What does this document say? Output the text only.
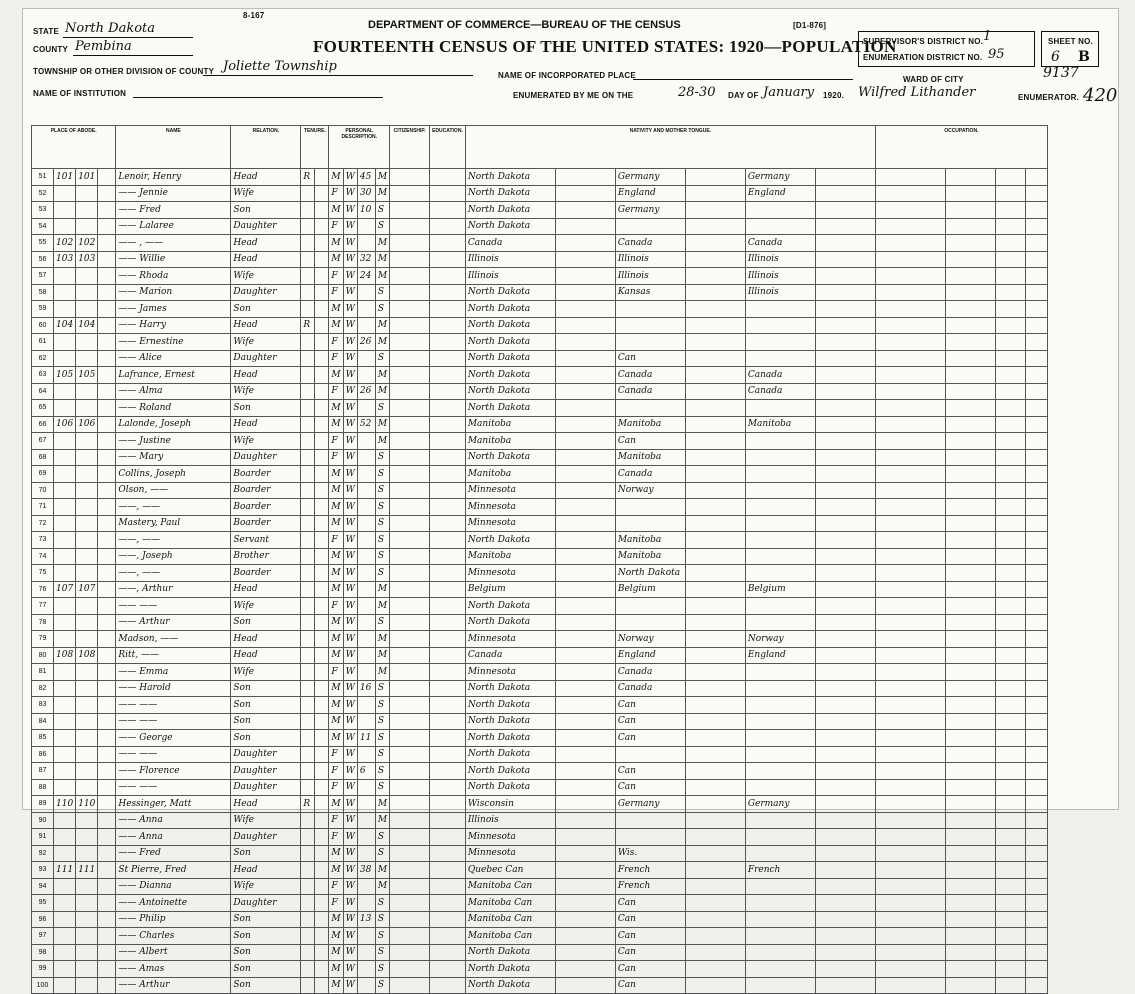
STATE North Dakota
COUNTY Pembina
TOWNSHIP OR OTHER DIVISION OF COUNTY Joliette Township
NAME OF INSTITUTION
8-167
DEPARTMENT OF COMMERCE—BUREAU OF THE CENSUS	[D1-876]
FOURTEENTH CENSUS OF THE UNITED STATES: 1920—POPULATION
NAME OF INCORPORATED PLACE
ENUMERATED BY ME ON THE	28-30 DAY OF January 1920. Wilfred Lithander	ENUMERATOR.
SUPERVISOR'S DISTRICT NO. 1
ENUMERATION DISTRICT NO. 95
SHEET NO.
6 B
WARD OF CITY	9137
420
PLACE OF ABODE.				NAME	RELATION.	TENURE.		PERSONAL DESCRIPTION.				CITIZENSHIP.	EDUCATION.	NATIVITY AND MOTHER TONGUE.						OCCUPATION.			
51	101	101		Lenoir, Henry	Head	R		M	W	45	M			North Dakota		Germany		Germany					
52				—— Jennie	Wife			F	W	30	M			North Dakota		England		England					
53				—— Fred	Son			M	W	10	S			North Dakota		Germany							
54				—— Lalaree	Daughter			F	W		S			North Dakota									
55	102	102		—— , ——	Head			M	W		M			Canada		Canada		Canada					
56	103	103		—— Willie	Head			M	W	32	M			Illinois		Illinois		Illinois					
57				—— Rhoda	Wife			F	W	24	M			Illinois		Illinois		Illinois					
58				—— Marion	Daughter			F	W		S			North Dakota		Kansas		Illinois					
59				—— James	Son			M	W		S			North Dakota									
60	104	104		—— Harry	Head	R		M	W		M			North Dakota									
61				—— Ernestine	Wife			F	W	26	M			North Dakota									
62				—— Alice	Daughter			F	W		S			North Dakota		Can							
63	105	105		Lafrance, Ernest	Head			M	W		M			North Dakota		Canada		Canada					
64				—— Alma	Wife			F	W	26	M			North Dakota		Canada		Canada					
65				—— Roland	Son			M	W		S			North Dakota									
66	106	106		Lalonde, Joseph	Head			M	W	52	M			Manitoba		Manitoba		Manitoba					
67				—— Justine	Wife			F	W		M			Manitoba		Can							
68				—— Mary	Daughter			F	W		S			North Dakota		Manitoba							
69				Collins, Joseph	Boarder			M	W		S			Manitoba		Canada							
70				Olson, ——	Boarder			M	W		S			Minnesota		Norway							
71				——, ——	Boarder			M	W		S			Minnesota									
72				Mastery, Paul	Boarder			M	W		S			Minnesota									
73				——, ——	Servant			F	W		S			North Dakota		Manitoba							
74				——, Joseph	Brother			M	W		S			Manitoba		Manitoba							
75				——, ——	Boarder			M	W		S			Minnesota		North Dakota							
76	107	107		——, Arthur	Head			M	W		M			Belgium		Belgium		Belgium					
77				—— ——	Wife			F	W		M			North Dakota									
78				—— Arthur	Son			M	W		S			North Dakota									
79				Madson, ——	Head			M	W		M			Minnesota		Norway		Norway					
80	108	108		Ritt, ——	Head			M	W		M			Canada		England		England					
81				—— Emma	Wife			F	W		M			Minnesota		Canada							
82				—— Harold	Son			M	W	16	S			North Dakota		Canada							
83				—— ——	Son			M	W		S			North Dakota		Can							
84				—— ——	Son			M	W		S			North Dakota		Can							
85				—— George	Son			M	W	11	S			North Dakota		Can							
86				—— ——	Daughter			F	W		S			North Dakota									
87				—— Florence	Daughter			F	W	6	S			North Dakota		Can							
88				—— ——	Daughter			F	W		S			North Dakota		Can							
89	110	110		Hessinger, Matt	Head	R		M	W		M			Wisconsin		Germany		Germany					
90				—— Anna	Wife			F	W		M			Illinois									
91				—— Anna	Daughter			F	W		S			Minnesota									
92				—— Fred	Son			M	W		S			Minnesota		Wis.							
93	111	111		St Pierre, Fred	Head			M	W	38	M			Quebec Can		French		French					
94				—— Dianna	Wife			F	W		M			Manitoba Can		French							
95				—— Antoinette	Daughter			F	W		S			Manitoba Can		Can							
96				—— Philip	Son			M	W	13	S			Manitoba Can		Can							
97				—— Charles	Son			M	W		S			Manitoba Can		Can							
98				—— Albert	Son			M	W		S			North Dakota		Can							
99				—— Amas	Son			M	W		S			North Dakota		Can							
100				—— Arthur	Son			M	W		S			North Dakota		Can							
